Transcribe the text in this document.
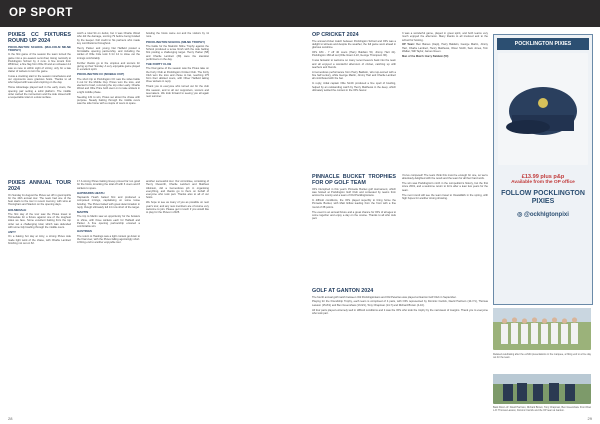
OP SPORT
PIXIES CC FIXTURES ROUND UP 2024
POCKLINGTON SCHOOL (MALCOLM MILNE TROPHY)
In the first game of the season the team turned the game into a pre-season semi-final, losing narrowly to Pocklington School by 4 runs. A fine knock from Whittmer, a fine flag from Ollie W and an unbeaten 14 saw us race to within sight of victory, only for a late clatter of wickets to turn the game.
It was a cracking start to the season nonetheless and our opponents were gracious hosts. Thanks to all who helped with teas and umpiring on the day.
Home Advantage played well in the early overs, the opening pair setting a solid platform. The middle order carried the momentum and the side closed with a respectable total on a slow surface.
worth a total 94 on debut, but it was Charlie Wood who did the damage, scoring 79 before being bowled by the keeper. Full credit to his partners who made key contributions throughout.
Henry Parker and young Nat Hatfield posted a formidable opening partnership, and including the wicket of Ollie Cole took 3 for 14 to close out the innings comfortably.
Further thanks go to the umpires and scorers for giving up their Sunday. A very enjoyable game played in excellent spirit.
POCKLINGTON CC (MOBILE CUP)
The short trip to Pocklington CC saw the sides battle it out for the Mobile Cup. Pixies won the toss, and elected to bowl, removing the top order early. Charlie Wood and Ollie Price both went on to take wickets in a tight middle phase.
Needing 131 to win, Pixies set about the chase with purpose. Steady batting through the middle overs saw the side home with a couple of overs to spare.
bowling the hosts came out and the visitors by 11 runs.
POCKLINGTON SCHOOL (MILNE TROPHY)
The battle for the Malcolm Milne Trophy against the School produced a tense finish with the side batting first posting a challenging target. Henry Parker (58) and Charlie Lambert (39) were the standout performers on the day.
THE FORTY CLUB
The final game of the season saw the Pixies take on the Forty Club at Pocklington Cricket Club. The Forty Club won the toss and chose to bat, reaching 175 from their allotted overs, with Oliver Hatfield taking three wickets in reply.
Thank you to everyone who turned out for the club this season, and to all our supporters, scorers and tea-makers. We look forward to seeing you all again next summer.
PIXIES ANNUAL TOUR 2024
On Sunday 11 August the Pixies set off in good spirits for the 44th annual tour. The team had one of the best starts to the tour in recent memory, with wins at Hovingham and Staxton on the opening days.
HOLMEDALE
The first day of the tour saw the Pixies travel to Holmedale for a fixture against one of the toughest sides we face. Some excellent batting from the top order set a challenging total, which was defended with some tidy bowling through the middle overs.
ANTY
On a baking hot day at Anty, a strong Pixies side made light work of the chase, with Charlie Lambert finishing not out on 62.
17 A strong Pixies batting lineup proved far too good for the hosts, knocking the total off with 3 overs and 8 wickets to spare.
HAPWARDS HEATH
Hapwards Heath batted first and produced a composed innings, capitalising on some loose bowling. The Pixies batted with great determination in reply, though ultimately fell 14 runs short of the target.
MARTIN
The trip to Martin saw an opportunity for the bowlers to shine, with three wickets each for Hatfield and Parker. A fine opening partnership ensured a comfortable win.
HASTINGS
The return to Hastings saw a tight contest go down to the final over, with the Pixies falling agonisingly short. A fitting end to another enjoyable tour.
another successful tour. Our committee, consisting of Henry Cleworth, Charlie Lambert and Matthew Atkinson, did a tremendous job in organising everything, and thanks go to them on behalf of everyone who took part. Thanks also to all of our hosts.
We hope to see as many of you as possible on next year's tour, and any new members are of course very welcome to join. Please get in touch if you would like to play for the Pixies in 2025.
OP CRICKET 2024
The annual cricket match between Pocklington School and OPs was a delight to witness and despite the weather, the full game went ahead in glorious sunshine.
OPs 184 - 7 off 40 overs (Harry Baldwin 50, Jimmy Hart 41). Pocklington 166 all out (Ollie Grant 4-22, George Thompson 36).
It was fantastic to welcome so many recent leavers back into the team and all enjoyed a wonderful afternoon of cricket, catching up with teachers and friends.
A tremendous performance from Harry Baldwin, who top-scored with a fine half century, while George Martin, Jimmy Hart and Charlie Lambert all contributed with the bat.
In reply, initial captain Ollie Smith produced a fine spell of bowling, helped by an outstanding catch by Henry Matthews in the deep, which ultimately settled the contest in the OPs favour.
It was a wonderful game, played in great spirit, and both teams very much enjoyed the afternoon. Many thanks to all involved and to the school for hosting.
OP Team: Ben Baines (Capt), Harry Baldwin, George Martin, Jimmy Hart, Charlie Lambert, Henry Matthews, Oliver Smith, Sam Jones, Tom Walker, Will Taylor, James Green.
Man of the Match: Harry Baldwin (50)
PINNACLE BUCKET TROPHIES FOR OP GOLF TEAM
OPs triumphed in this year's Pinnacle Bucket golf tournament, which was hosted at Pocklington Golf Club and contested by teams from across the county and a team of Old Pocklingtonians.
In difficult conditions, the OPs played superbly to bring home the Pinnacle Bucket, with Matt Gillow leading from the front with a fine round of 38 points.
The event is an annual fixture and a great chance for OPs of all ages to come together and enjoy a day on the course. Thanks to all who took part.
You've competed! The team think this must be enough for one, so we're absolutely delighted with the result and the team for all their hard work.
The win was Pocklington's ninth in the competition's history, but the first since 2019, and a welcome return to form after a lean few years for the team.
The next round will see the team travel to Oswaldkirk in the spring, with high hopes for another strong showing.
GOLF AT GANTON 2024
The fourth annual golf match between Old Pocklingtonians and Old Peterites was played at Ganton Golf Club in September.
Playing for the Friendship Trophy, each team is comprised of 4 pairs, with OPs represented by Dominic Carrick, David Harrison (10-7/1), Thomas Lawson (15-8/1) and Ben Greenshaw (13-9/1), Tony Chapman (14-7) and Richard Brown (4-10).
All four pairs played extremely well in difficult conditions and it was the OPs who took the trophy by the narrowest of margins. Thank you to everyone who took part.
POCKLINGTON PIXIES
£13.99 plus p&p
Available from the OP office
FOLLOW POCKLINGTON PIXIES
◎ @ockhlgtonpixi
Relaxed celebrating after the exhibit presentations in the marquee, a fitting end to a fine day out for the team.
Back Row L-R: David Harrison, Richard Brown, Tony Chapman, Ben Greenshaw. Front Row L-R: Thomas Lawson, Dominic Carrick and the OP team at Ganton.
28	29
